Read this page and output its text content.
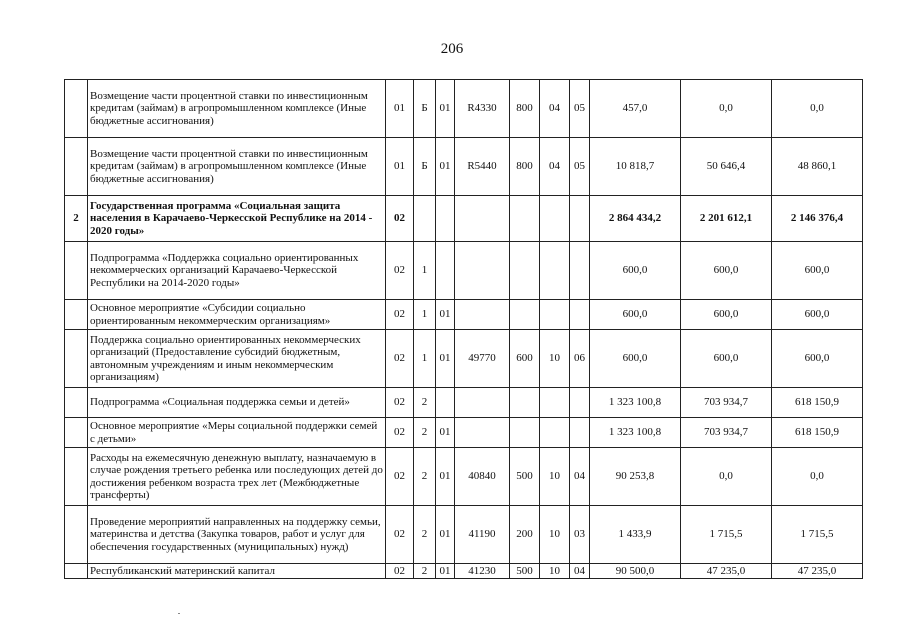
206
	Возмещение части процентной ставки по инвестиционным кредитам (займам) в агропромышленном комплексе (Иные бюджетные ассигнования)	01	Б	01	R4330	800	04	05	457,0	0,0	0,0
	Возмещение части процентной ставки по инвестиционным кредитам (займам) в агропромышленном комплексе (Иные бюджетные ассигнования)	01	Б	01	R5440	800	04	05	10 818,7	50 646,4	48 860,1
2	Государственная программа «Социальная защита населения в Карачаево-Черкесской Республике на 2014 - 2020 годы»	02							2 864 434,2	2 201 612,1	2 146 376,4
	Подпрограмма «Поддержка социально ориентированных некоммерческих организаций Карачаево-Черкесской Республики на 2014-2020 годы»	02	1						600,0	600,0	600,0
	Основное мероприятие «Субсидии социально ориентированным некоммерческим организациям»	02	1	01					600,0	600,0	600,0
	Поддержка социально ориентированных некоммерческих организаций (Предоставление субсидий бюджетным, автономным учреждениям и иным некоммерческим организациям)	02	1	01	49770	600	10	06	600,0	600,0	600,0
	Подпрограмма «Социальная поддержка семьи и детей»	02	2						1 323 100,8	703 934,7	618 150,9
	Основное мероприятие «Меры социальной поддержки семей с детьми»	02	2	01					1 323 100,8	703 934,7	618 150,9
	Расходы на ежемесячную денежную выплату, назначаемую в случае рождения третьего ребенка или последующих детей до достижения ребенком возраста трех лет (Межбюджетные трансферты)	02	2	01	40840	500	10	04	90 253,8	0,0	0,0
	Проведение мероприятий направленных на поддержку семьи, материнства и детства (Закупка товаров, работ и услуг для обеспечения государственных (муниципальных) нужд)	02	2	01	41190	200	10	03	1 433,9	1 715,5	1 715,5
	Республиканский материнский капитал	02	2	01	41230	500	10	04	90 500,0	47 235,0	47 235,0
